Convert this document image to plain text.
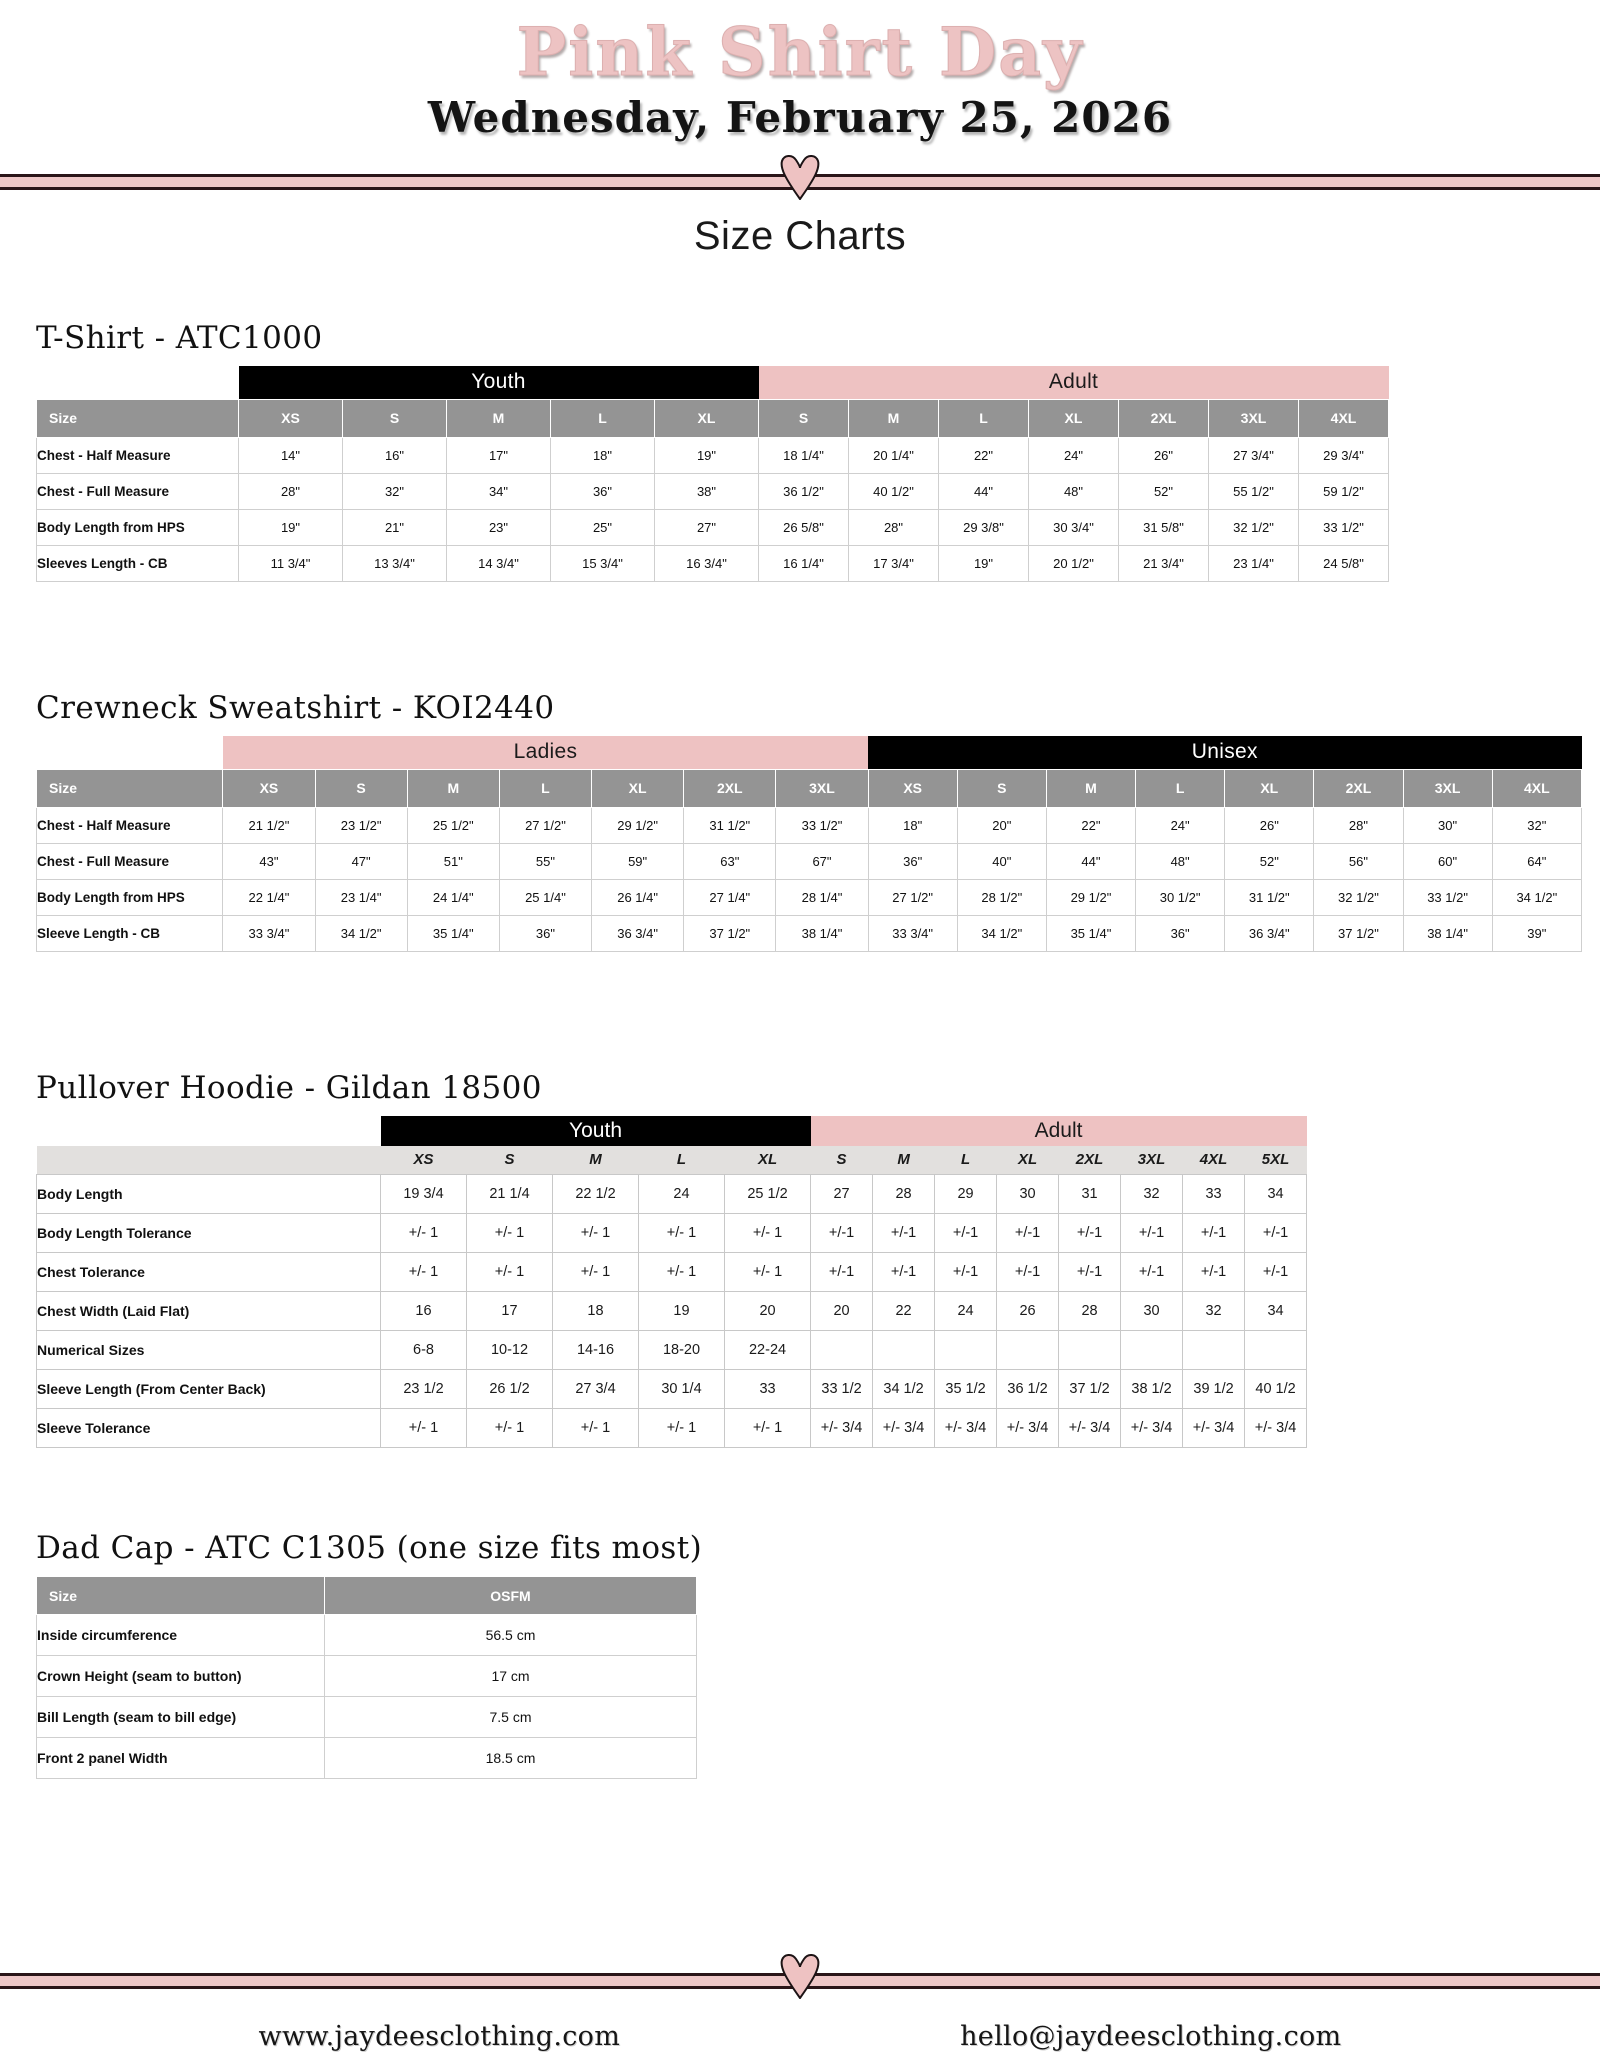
Pink Shirt Day
Wednesday, February 25, 2026
Size Charts
T-Shirt - ATC1000
	Youth					Adult						
Size	XS	S	M	L	XL	S	M	L	XL	2XL	3XL	4XL
Chest - Half Measure	14"	16"	17"	18"	19"	18 1/4"	20 1/4"	22"	24"	26"	27 3/4"	29 3/4"
Chest - Full Measure	28"	32"	34"	36"	38"	36 1/2"	40 1/2"	44"	48"	52"	55 1/2"	59 1/2"
Body Length from HPS	19"	21"	23"	25"	27"	26 5/8"	28"	29 3/8"	30 3/4"	31 5/8"	32 1/2"	33 1/2"
Sleeves Length - CB	11 3/4"	13 3/4"	14 3/4"	15 3/4"	16 3/4"	16 1/4"	17 3/4"	19"	20 1/2"	21 3/4"	23 1/4"	24 5/8"
Crewneck Sweatshirt - KOI2440
	Ladies							Unisex							
Size	XS	S	M	L	XL	2XL	3XL	XS	S	M	L	XL	2XL	3XL	4XL
Chest - Half Measure	21 1/2"	23 1/2"	25 1/2"	27 1/2"	29 1/2"	31 1/2"	33 1/2"	18"	20"	22"	24"	26"	28"	30"	32"
Chest - Full Measure	43"	47"	51"	55"	59"	63"	67"	36"	40"	44"	48"	52"	56"	60"	64"
Body Length from HPS	22 1/4"	23 1/4"	24 1/4"	25 1/4"	26 1/4"	27 1/4"	28 1/4"	27 1/2"	28 1/2"	29 1/2"	30 1/2"	31 1/2"	32 1/2"	33 1/2"	34 1/2"
Sleeve Length - CB	33 3/4"	34 1/2"	35 1/4"	36"	36 3/4"	37 1/2"	38 1/4"	33 3/4"	34 1/2"	35 1/4"	36"	36 3/4"	37 1/2"	38 1/4"	39"
Pullover Hoodie - Gildan 18500
	Youth					Adult							
	XS	S	M	L	XL	S	M	L	XL	2XL	3XL	4XL	5XL
Body Length	19 3/4	21 1/4	22 1/2	24	25 1/2	27	28	29	30	31	32	33	34
Body Length Tolerance	+/- 1	+/- 1	+/- 1	+/- 1	+/- 1	+/-1	+/-1	+/-1	+/-1	+/-1	+/-1	+/-1	+/-1
Chest Tolerance	+/- 1	+/- 1	+/- 1	+/- 1	+/- 1	+/-1	+/-1	+/-1	+/-1	+/-1	+/-1	+/-1	+/-1
Chest Width (Laid Flat)	16	17	18	19	20	20	22	24	26	28	30	32	34
Numerical Sizes	6-8	10-12	14-16	18-20	22-24								
Sleeve Length (From Center Back)	23 1/2	26 1/2	27 3/4	30 1/4	33	33 1/2	34 1/2	35 1/2	36 1/2	37 1/2	38 1/2	39 1/2	40 1/2
Sleeve Tolerance	+/- 1	+/- 1	+/- 1	+/- 1	+/- 1	+/- 3/4	+/- 3/4	+/- 3/4	+/- 3/4	+/- 3/4	+/- 3/4	+/- 3/4	+/- 3/4
Dad Cap - ATC C1305 (one size fits most)
Size	OSFM
Inside circumference	56.5 cm
Crown Height (seam to button)	17 cm
Bill Length (seam to bill edge)	7.5 cm
Front 2 panel Width	18.5 cm
www.jaydeesclothing.com	hello@jaydeesclothing.com
